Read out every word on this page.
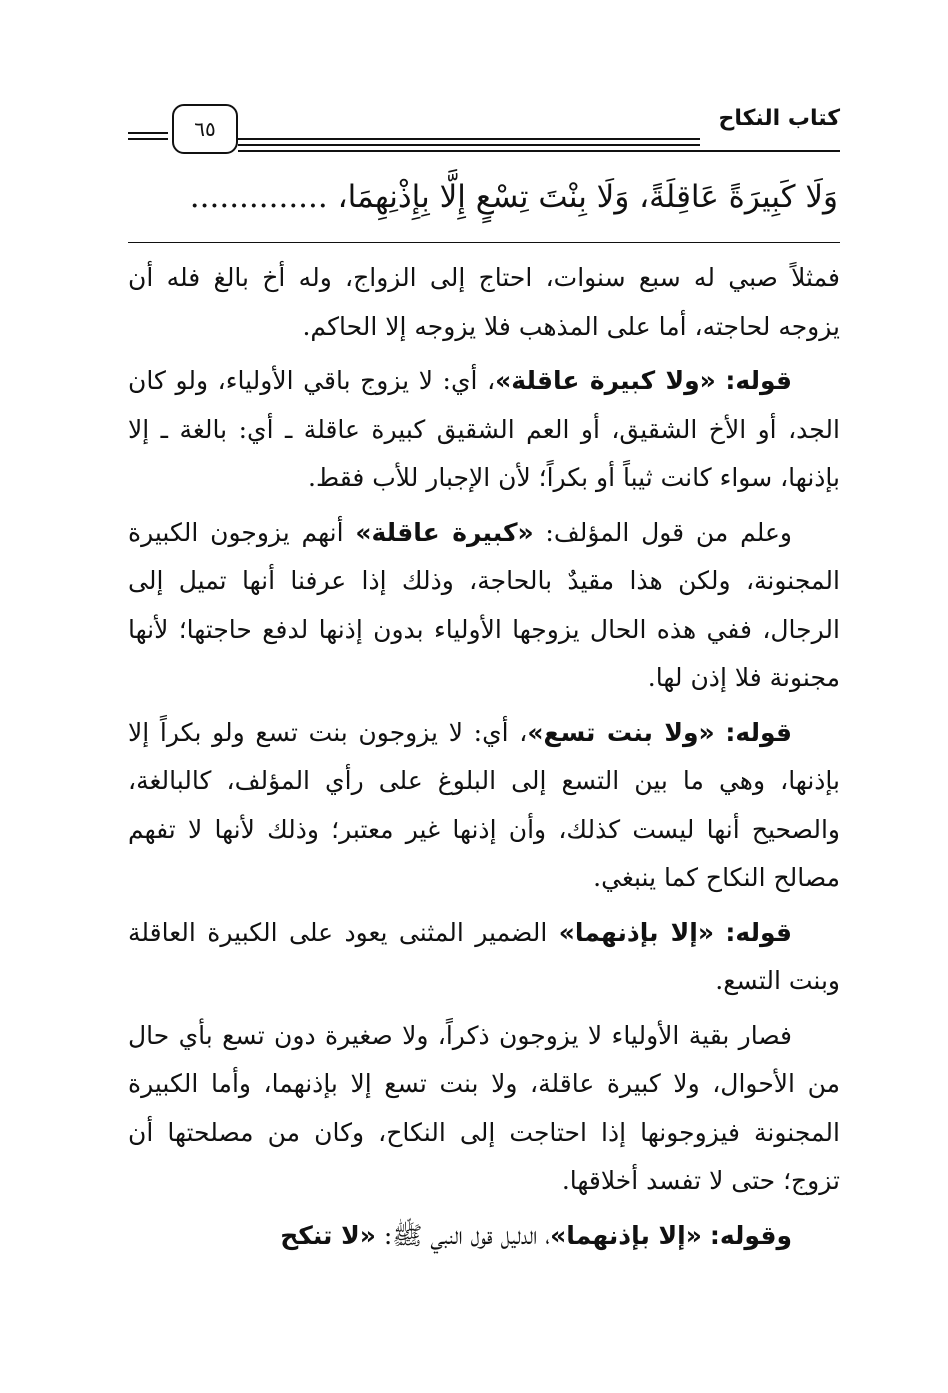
كتاب النكاح
٦٥
وَلَا كَبِيرَةً عَاقِلَةً، وَلَا بِنْتَ تِسْعٍ إِلَّا بِإِذْنِهِمَا، ..............

فمثلاً صبي له سبع سنوات، احتاج إلى الزواج، وله أخ بالغ فله أن يزوجه لحاجته، أما على المذهب فلا يزوجه إلا الحاكم.

قوله: «ولا كبيرة عاقلة»، أي: لا يزوج باقي الأولياء، ولو كان الجد، أو الأخ الشقيق، أو العم الشقيق كبيرة عاقلة ـ أي: بالغة ـ إلا بإذنها، سواء كانت ثيباً أو بكراً؛ لأن الإجبار للأب فقط.

وعلم من قول المؤلف: «كبيرة عاقلة» أنهم يزوجون الكبيرة المجنونة، ولكن هذا مقيدٌ بالحاجة، وذلك إذا عرفنا أنها تميل إلى الرجال، ففي هذه الحال يزوجها الأولياء بدون إذنها لدفع حاجتها؛ لأنها مجنونة فلا إذن لها.

قوله: «ولا بنت تسع»، أي: لا يزوجون بنت تسع ولو بكراً إلا بإذنها، وهي ما بين التسع إلى البلوغ على رأي المؤلف، كالبالغة، والصحيح أنها ليست كذلك، وأن إذنها غير معتبر؛ وذلك لأنها لا تفهم مصالح النكاح كما ينبغي.

قوله: «إلا بإذنهما» الضمير المثنى يعود على الكبيرة العاقلة وبنت التسع.

فصار بقية الأولياء لا يزوجون ذكراً، ولا صغيرة دون تسع بأي حال من الأحوال، ولا كبيرة عاقلة، ولا بنت تسع إلا بإذنهما، وأما الكبيرة المجنونة فيزوجونها إذا احتاجت إلى النكاح، وكان من مصلحتها أن تزوج؛ حتى لا تفسد أخلاقها.

وقوله: «إلا بإذنهما»، الدليل قول النبي ﷺ: «لا تنكح
